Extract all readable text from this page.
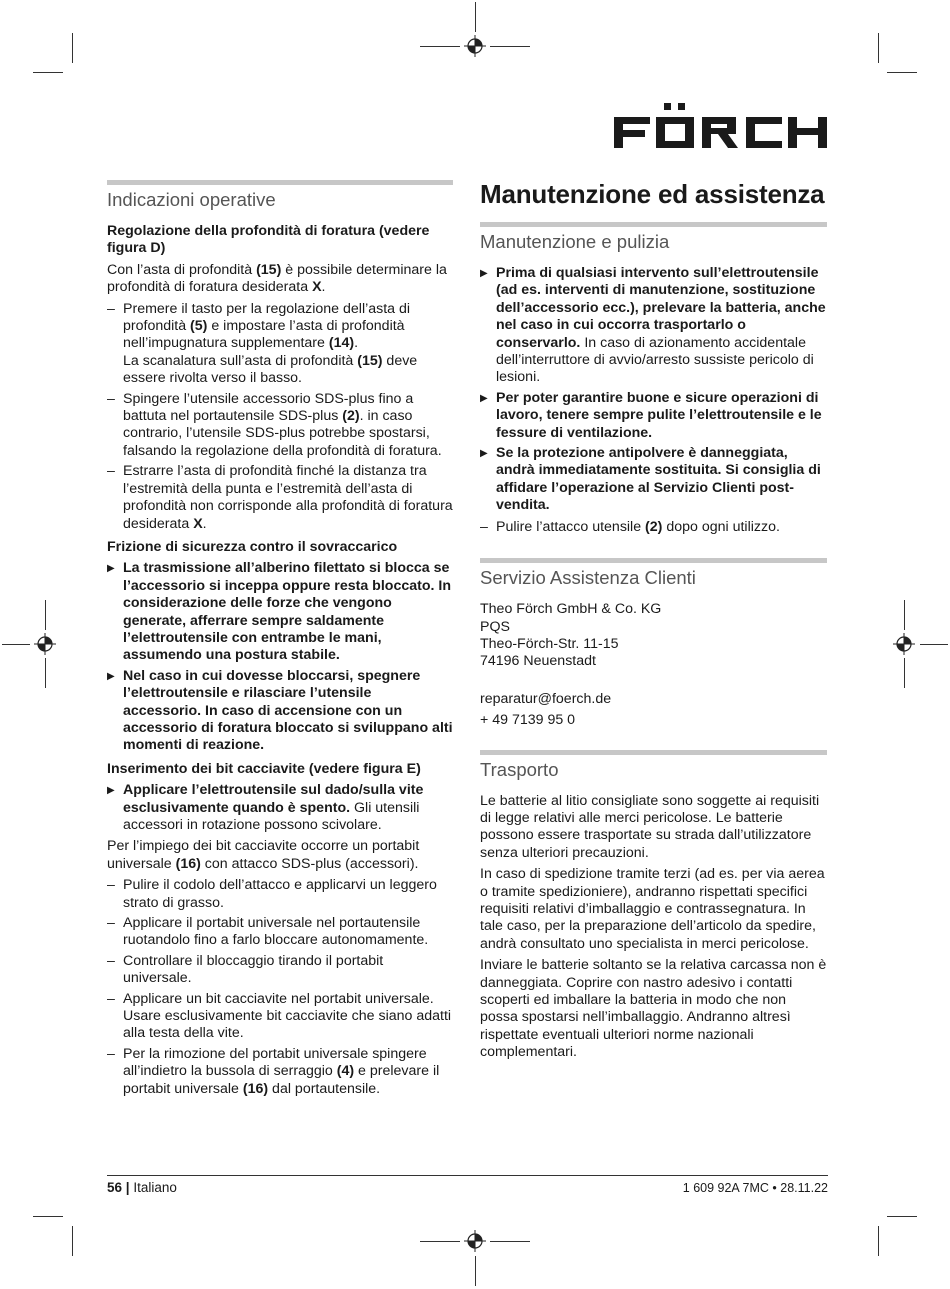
Indicazioni operative
Regolazione della profondità di foratura (vedere figura D)

Con l’asta di profondità (15) è possibile determinare la profondità di foratura desiderata X.

– Premere il tasto per la regolazione dell’asta di profondità (5) e impostare l’asta di profondità nell’impugnatura supplementare (14).
La scanalatura sull’asta di profondità (15) deve essere rivolta verso il basso.
– Spingere l’utensile accessorio SDS-plus fino a battuta nel portautensile SDS-plus (2). in caso contrario, l’utensile SDS-plus potrebbe spostarsi, falsando la regolazione della profondità di foratura.
– Estrarre l’asta di profondità finché la distanza tra l’estremità della punta e l’estremità dell’asta di profondità non corrisponde alla profondità di foratura desiderata X.
Frizione di sicurezza contro il sovraccarico
▶ La trasmissione all’alberino filettato si blocca se l’accessorio si inceppa oppure resta bloccato. In considerazione delle forze che vengono generate, afferrare sempre saldamente l’elettroutensile con entrambe le mani, assumendo una postura stabile.
▶ Nel caso in cui dovesse bloccarsi, spegnere l’elettroutensile e rilasciare l’utensile accessorio. In caso di accensione con un accessorio di foratura bloccato si sviluppano alti momenti di reazione.
Inserimento dei bit cacciavite (vedere figura E)
▶ Applicare l’elettroutensile sul dado/sulla vite esclusivamente quando è spento. Gli utensili accessori in rotazione possono scivolare.

Per l’impiego dei bit cacciavite occorre un portabit universale (16) con attacco SDS-plus (accessori).

– Pulire il codolo dell’attacco e applicarvi un leggero strato di grasso.
– Applicare il portabit universale nel portautensile ruotandolo fino a farlo bloccare autonomamente.
– Controllare il bloccaggio tirando il portabit universale.
– Applicare un bit cacciavite nel portabit universale. Usare esclusivamente bit cacciavite che siano adatti alla testa della vite.
– Per la rimozione del portabit universale spingere all’indietro la bussola di serraggio (4) e prelevare il portabit universale (16) dal portautensile.
Manutenzione ed assistenza
Manutenzione e pulizia
▶ Prima di qualsiasi intervento sull’elettroutensile (ad es. interventi di manutenzione, sostituzione dell’accessorio ecc.), prelevare la batteria, anche nel caso in cui occorra trasportarlo o conservarlo. In caso di azionamento accidentale dell’interruttore di avvio/arresto sussiste pericolo di lesioni.
▶ Per poter garantire buone e sicure operazioni di lavoro, tenere sempre pulite l’elettroutensile e le fessure di ventilazione.
▶ Se la protezione antipolvere è danneggiata, andrà immediatamente sostituita. Si consiglia di affidare l’operazione al Servizio Clienti post-vendita.
– Pulire l’attacco utensile (2) dopo ogni utilizzo.
Servizio Assistenza Clienti

Theo Förch GmbH & Co. KG

PQS

Theo-Förch-Str. 11-15

74196 Neuenstadt

reparatur@foerch.de

+ 49 7139 95 0

Trasporto

Le batterie al litio consigliate sono soggette ai requisiti di legge relativi alle merci pericolose. Le batterie possono essere trasportate su strada dall’utilizzatore senza ulteriori precauzioni.

In caso di spedizione tramite terzi (ad es. per via aerea o tramite spedizioniere), andranno rispettati specifici requisiti relativi d’imballaggio e contrassegnatura. In tale caso, per la preparazione dell’articolo da spedire, andrà consultato uno specialista in merci pericolose.

Inviare le batterie soltanto se la relativa carcassa non è danneggiata. Coprire con nastro adesivo i contatti scoperti ed imballare la batteria in modo che non possa spostarsi nell’imballaggio. Andranno altresì rispettate eventuali ulteriori norme nazionali complementari.

56 | Italiano	1 609 92A 7MC • 28.11.22
